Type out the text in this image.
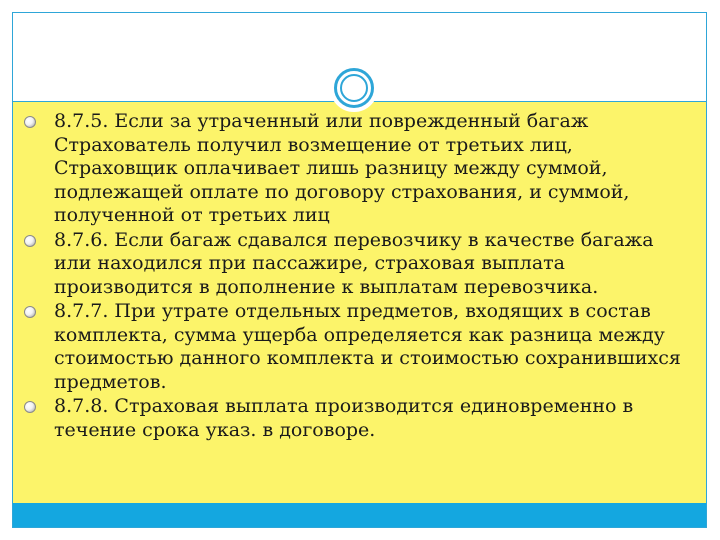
8.7.5. Если за утраченный или поврежденный багаж Страхователь получил возмещение от третьих лиц, Страховщик оплачивает лишь разницу между суммой, подлежащей оплате по договору страхования, и суммой, полученной от третьих лиц
8.7.6. Если багаж сдавался перевозчику в качестве багажа или находился при пассажире, страховая выплата производится в дополнение к выплатам перевозчика.
8.7.7. При утрате отдельных предметов, входящих в состав комплекта, сумма ущерба определяется как разница между стоимостью данного комплекта и стоимостью сохранившихся предметов.
8.7.8. Страховая выплата производится единовременно в течение срока указ. в договоре.
